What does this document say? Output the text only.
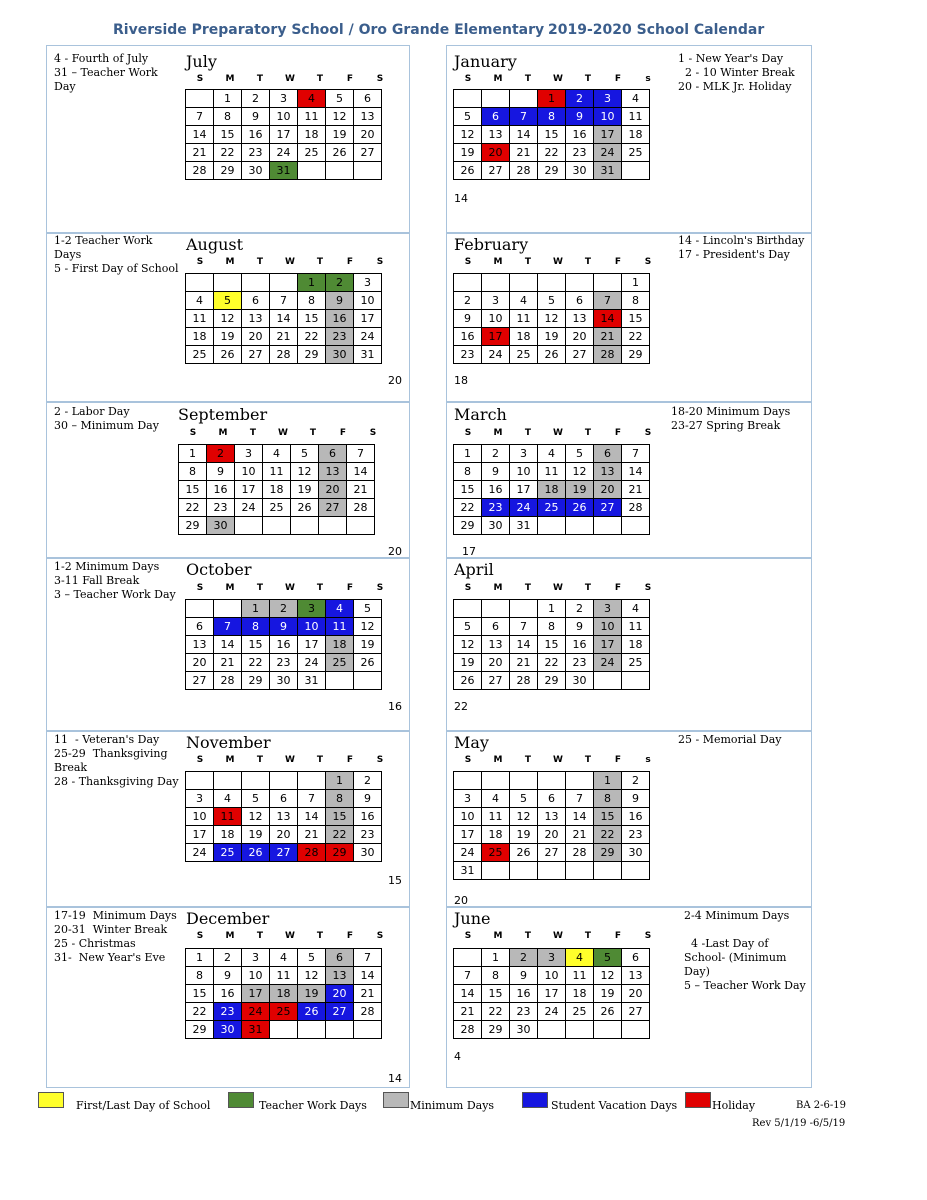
Riverside Preparatory School / Oro Grande Elementary 2019-2020 School Calendar
4 - Fourth of July
31 – Teacher Work Day
July
S	M	T	W	T	F	S
	1	2	3	4	5	6
7	8	9	10	11	12	13
14	15	16	17	18	19	20
21	22	23	24	25	26	27
28	29	30	31			
1-2 Teacher Work Days
5 - First Day of School
August
S	M	T	W	T	F	S
				1	2	3
4	5	6	7	8	9	10
11	12	13	14	15	16	17
18	19	20	21	22	23	24
25	26	27	28	29	30	31
20
2 - Labor Day
30 – Minimum Day
September
S	M	T	W	T	F	S
1	2	3	4	5	6	7
8	9	10	11	12	13	14
15	16	17	18	19	20	21
22	23	24	25	26	27	28
29	30					
20
1-2 Minimum Days
3-11 Fall Break
3 – Teacher Work Day
October
S	M	T	W	T	F	S
		1	2	3	4	5
6	7	8	9	10	11	12
13	14	15	16	17	18	19
20	21	22	23	24	25	26
27	28	29	30	31		
16
11  - Veteran's Day
25-29  Thanksgiving Break
28 - Thanksgiving Day
November
S	M	T	W	T	F	S
					1	2
3	4	5	6	7	8	9
10	11	12	13	14	15	16
17	18	19	20	21	22	23
24	25	26	27	28	29	30
15
17-19  Minimum Days
20-31  Winter Break
25 - Christmas
31-  New Year's Eve
December
S	M	T	W	T	F	S
1	2	3	4	5	6	7
8	9	10	11	12	13	14
15	16	17	18	19	20	21
22	23	24	25	26	27	28
29	30	31				
14
1 - New Year's Day
2 - 10 Winter Break
20 - MLK Jr. Holiday
January
S	M	T	W	T	F	s
			1	2	3	4
5	6	7	8	9	10	11
12	13	14	15	16	17	18
19	20	21	22	23	24	25
26	27	28	29	30	31	
14
14 - Lincoln's Birthday
17 - President's Day
February
S	M	T	W	T	F	S
						1
2	3	4	5	6	7	8
9	10	11	12	13	14	15
16	17	18	19	20	21	22
23	24	25	26	27	28	29
18
18-20 Minimum Days
23-27 Spring Break
March
S	M	T	W	T	F	S
1	2	3	4	5	6	7
8	9	10	11	12	13	14
15	16	17	18	19	20	21
22	23	24	25	26	27	28
29	30	31				
17
April
S	M	T	W	T	F	S
			1	2	3	4
5	6	7	8	9	10	11
12	13	14	15	16	17	18
19	20	21	22	23	24	25
26	27	28	29	30		
22
25 - Memorial Day
May
S	M	T	W	T	F	s
					1	2
3	4	5	6	7	8	9
10	11	12	13	14	15	16
17	18	19	20	21	22	23
24	25	26	27	28	29	30
31						
20
2-4 Minimum Days

4 -Last Day of School- (Minimum Day)
5 – Teacher Work Day
June
S	M	T	W	T	F	S
	1	2	3	4	5	6
7	8	9	10	11	12	13
14	15	16	17	18	19	20
21	22	23	24	25	26	27
28	29	30				
4
First/Last Day of School	Teacher Work Days	Minimum Days	Student Vacation Days	Holiday	BA 2-6-19
Rev 5/1/19 -6/5/19
